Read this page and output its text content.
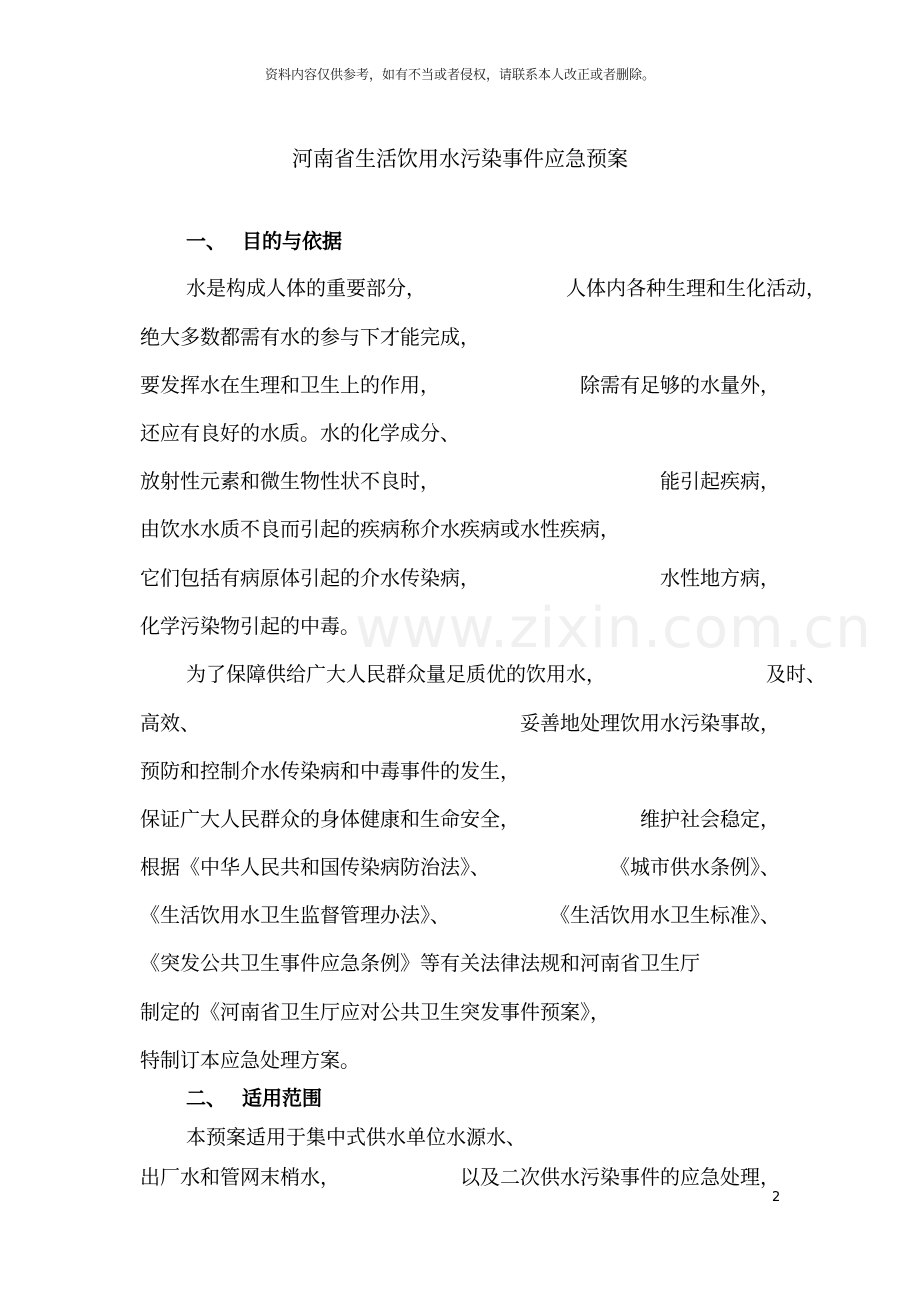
资料内容仅供参考，如有不当或者侵权，请联系本人改正或者删除。
河南省生活饮用水污染事件应急预案
www.zixin.com.cn
一、 目的与依据
水是构成人体的重要部分，	人体内各种生理和生化活动，
绝大多数都需有水的参与下才能完成，
要发挥水在生理和卫生上的作用，	除需有足够的水量外，
还应有良好的水质。水的化学成分、
放射性元素和微生物性状不良时，	能引起疾病，
由饮水水质不良而引起的疾病称介水疾病或水性疾病，
它们包括有病原体引起的介水传染病，	水性地方病，
化学污染物引起的中毒。
为了保障供给广大人民群众量足质优的饮用水，	及时、
高效、	妥善地处理饮用水污染事故，
预防和控制介水传染病和中毒事件的发生，
保证广大人民群众的身体健康和生命安全，	维护社会稳定，
根据《中华人民共和国传染病防治法》、	《城市供水条例》、
《生活饮用水卫生监督管理办法》、	《生活饮用水卫生标准》、
《突发公共卫生事件应急条例》等有关法律法规和河南省卫生厅
制定的《河南省卫生厅应对公共卫生突发事件预案》，
特制订本应急处理方案。
二、 适用范围
本预案适用于集中式供水单位水源水、
出厂水和管网末梢水，	以及二次供水污染事件的应急处理，
2
